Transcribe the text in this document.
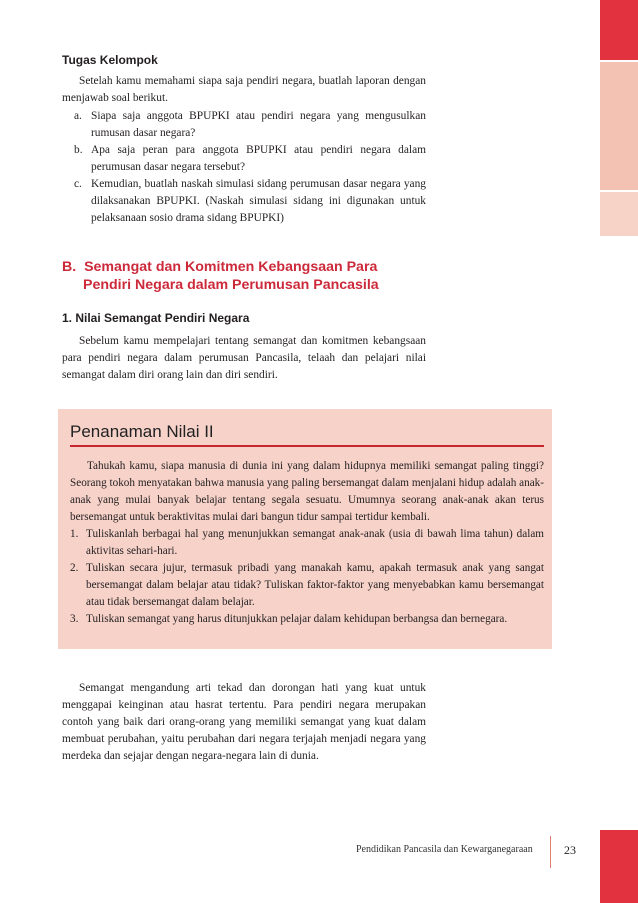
Tugas Kelompok
Setelah kamu memahami siapa saja pendiri negara, buatlah laporan dengan menjawab soal berikut.
a. Siapa saja anggota BPUPKI atau pendiri negara yang mengusulkan rumusan dasar negara?
b. Apa saja peran para anggota BPUPKI atau pendiri negara dalam perumusan dasar negara tersebut?
c. Kemudian, buatlah naskah simulasi sidang perumusan dasar negara yang dilaksanakan BPUPKI. (Naskah simulasi sidang ini digunakan untuk pelaksanaan sosio drama sidang BPUPKI)
B.  Semangat dan Komitmen Kebangsaan Para
Pendiri Negara dalam Perumusan Pancasila
1. Nilai Semangat Pendiri Negara
Sebelum kamu mempelajari tentang semangat dan komitmen kebangsaan para pendiri negara dalam perumusan Pancasila, telaah dan pelajari nilai semangat dalam diri orang lain dan diri sendiri.
Penanaman Nilai II

Tahukah kamu, siapa manusia di dunia ini yang dalam hidupnya memiliki semangat paling tinggi? Seorang tokoh menyatakan bahwa manusia yang paling bersemangat dalam menjalani hidup adalah anak-anak yang mulai banyak belajar tentang segala sesuatu. Umumnya seorang anak-anak akan terus bersemangat untuk beraktivitas mulai dari bangun tidur sampai tertidur kembali.

1. Tuliskanlah berbagai hal yang menunjukkan semangat anak-anak (usia di bawah lima tahun) dalam aktivitas sehari-hari.
2. Tuliskan secara jujur, termasuk pribadi yang manakah kamu, apakah termasuk anak yang sangat bersemangat dalam belajar atau tidak? Tuliskan faktor-faktor yang menyebabkan kamu bersemangat atau tidak bersemangat dalam belajar.
3. Tuliskan semangat yang harus ditunjukkan pelajar dalam kehidupan berbangsa dan bernegara.
Semangat mengandung arti tekad dan dorongan hati yang kuat untuk menggapai keinginan atau hasrat tertentu. Para pendiri negara merupakan contoh yang baik dari orang-orang yang memiliki semangat yang kuat dalam membuat perubahan, yaitu perubahan dari negara terjajah menjadi negara yang merdeka dan sejajar dengan negara-negara lain di dunia.
Pendidikan Pancasila dan Kewarganegaraan	23
